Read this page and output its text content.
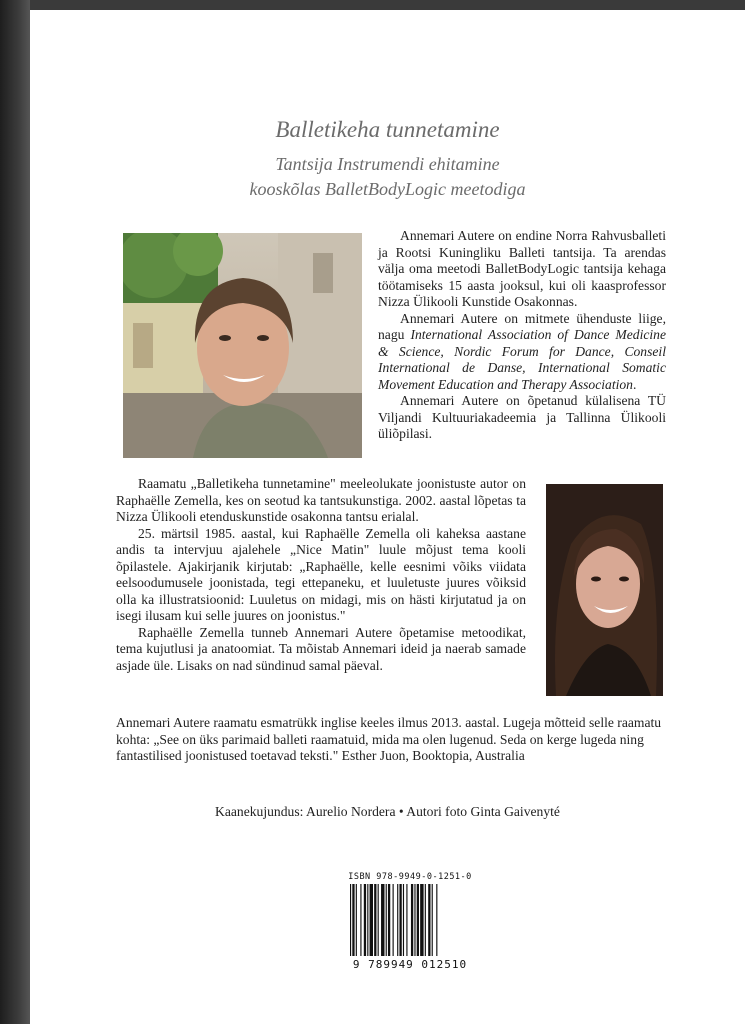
Balletikeha tunnetamine
Tantsija Instrumendi ehitamine
kooskõlas BalletBodyLogic meetodiga

Annemari Autere on endine Norra Rahvusballeti ja Rootsi Kuningliku Balleti tantsija. Ta arendas välja oma meetodi BalletBodyLogic tantsija kehaga töötamiseks 15 aasta jooksul, kui oli kaasprofessor Nizza Ülikooli Kunstide Osakonnas.

Annemari Autere on mitmete ühenduste liige, nagu International Association of Dance Medicine & Science, Nordic Forum for Dance, Conseil International de Danse, International Somatic Movement Education and Therapy Association.

Annemari Autere on õpetanud külalisena TÜ Viljandi Kultuuriakadeemia ja Tallinna Ülikooli üliõpilasi.

Raamatu „Balletikeha tunnetamine" meeleolukate joonistuste autor on Raphaëlle Zemella, kes on seotud ka tantsukunstiga. 2002. aastal lõpetas ta Nizza Ülikooli etenduskunstide osakonna tantsu erialal.

25. märtsil 1985. aastal, kui Raphaëlle Zemella oli kaheksa aastane andis ta intervjuu ajalehele „Nice Matin" luule mõjust tema kooli õpilastele. Ajakirjanik kirjutab: „Raphaëlle, kelle eesnimi võiks viidata eelsoodumusele joonistada, tegi ettepaneku, et luuletuste juures võiksid olla ka illustratsioonid: Luuletus on midagi, mis on hästi kirjutatud ja on isegi ilusam kui selle juures on joonistus."

Raphaëlle Zemella tunneb Annemari Autere õpetamise metoodikat, tema kujutlusi ja anatoomiat. Ta mõistab Annemari ideid ja naerab samade asjade üle. Lisaks on nad sündinud samal päeval.

Annemari Autere raamatu esmatrükk inglise keeles ilmus 2013. aastal. Lugeja mõtteid selle raamatu kohta: „See on üks parimaid balleti raamatuid, mida ma olen lugenud. Seda on kerge lugeda ning fantastilised joonistused toetavad teksti." Esther Juon, Booktopia, Australia
Kaanekujundus: Aurelio Nordera • Autori foto Ginta Gaivenyté
ISBN 978-9949-0-1251-0
9 789949 012510
